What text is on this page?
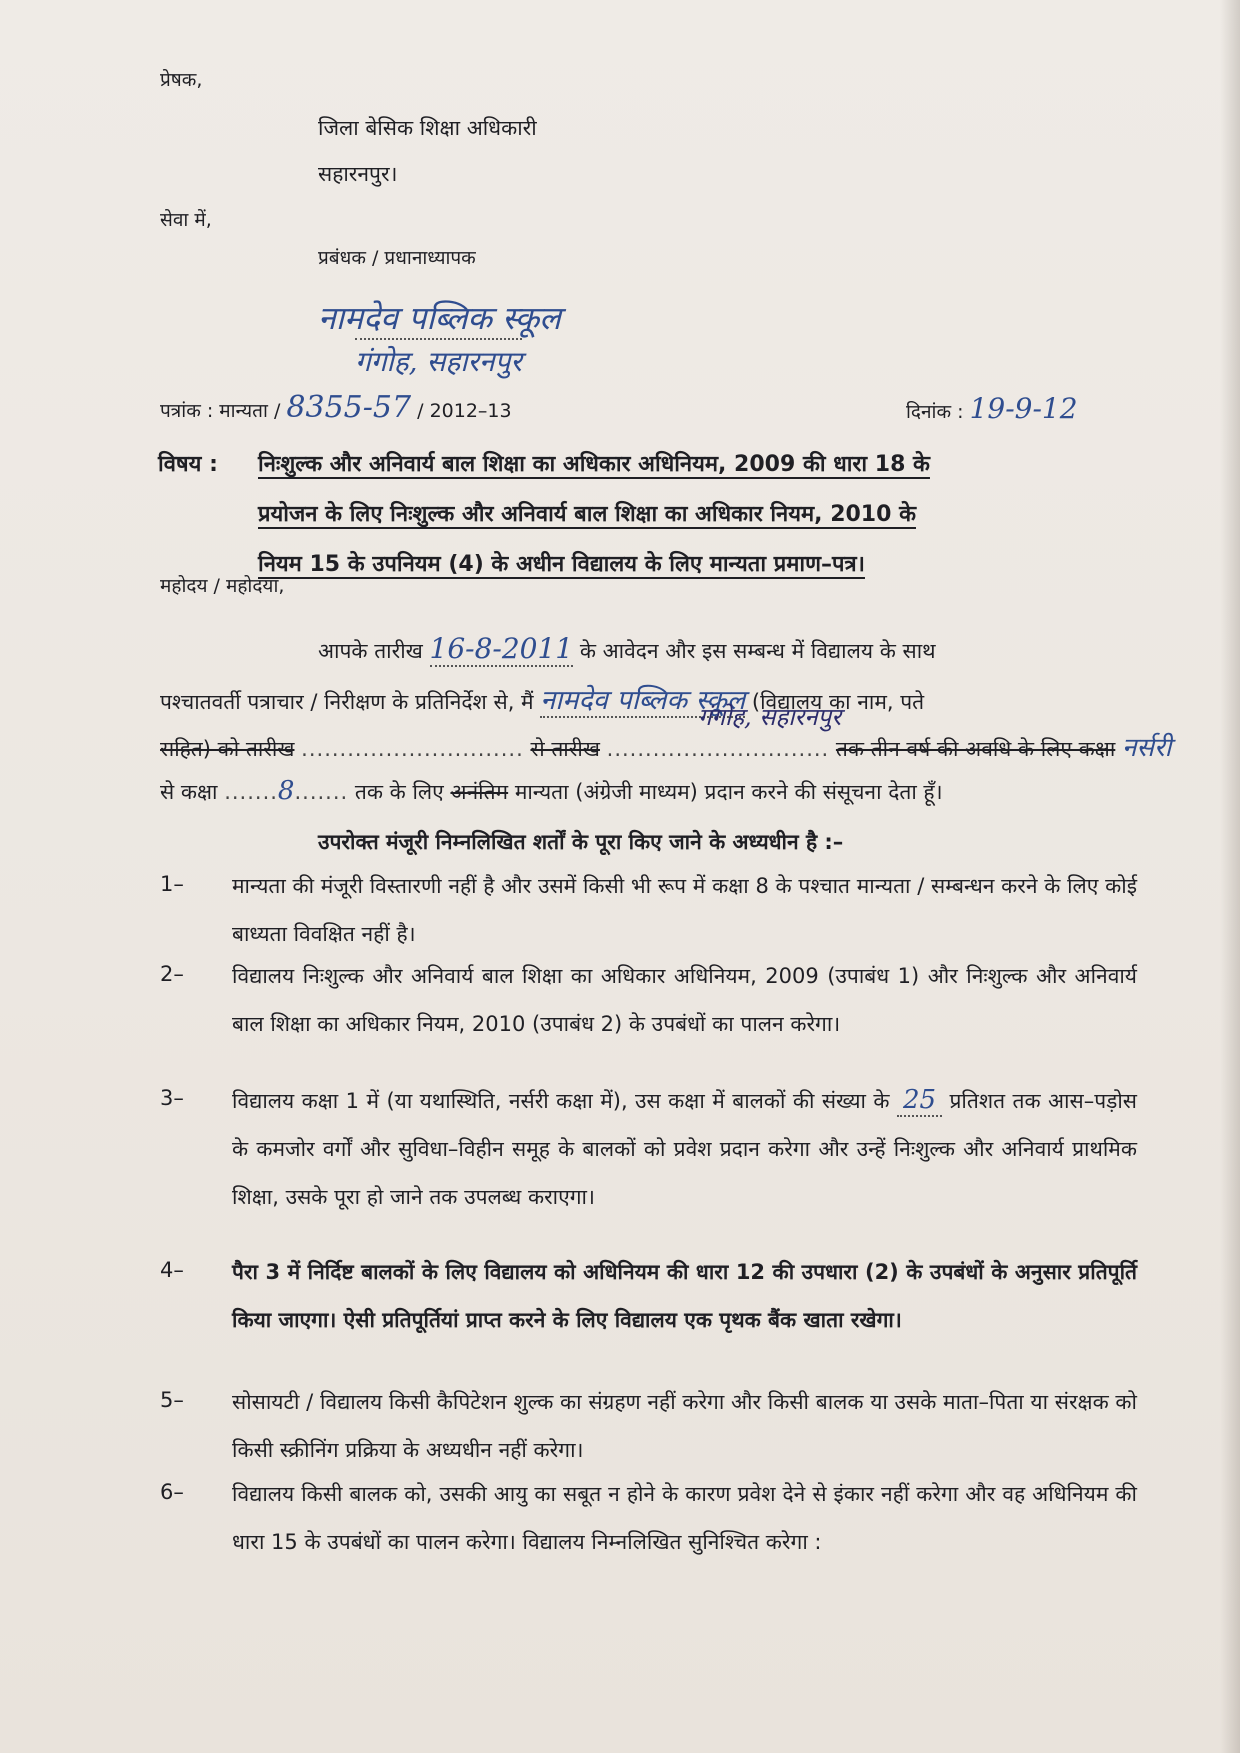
प्रेषक,
जिला बेसिक शिक्षा अधिकारी
सहारनपुर।
सेवा में,
प्रबंधक / प्रधानाध्यापक
नामदेव पब्लिक स्कूल
गंगोह, सहारनपुर
पत्रांक : मान्यता / 8355-57 / 2012–13	दिनांक : 19-9-12
विषय : निःशुल्क और अनिवार्य बाल शिक्षा का अधिकार अधिनियम, 2009 की धारा 18 के
प्रयोजन के लिए निःशुल्क और अनिवार्य बाल शिक्षा का अधिकार नियम, 2010 के
नियम 15 के उपनियम (4) के अधीन विद्यालय के लिए मान्यता प्रमाण–पत्र।
महोदय / महोदया,
आपके तारीख 16-8-2011 के आवेदन और इस सम्बन्ध में विद्यालय के साथ
पश्चातवर्ती पत्राचार / निरीक्षण के प्रतिनिर्देश से, मैं नामदेव पब्लिक स्कूल (विद्यालय का नाम, पते
गंगोह, सहारनपुर
सहित) को तारीख ............................. से तारीख ............................. तक तीन वर्ष की अवधि के लिए कक्षा नर्सरी
से कक्षा .......8....... तक के लिए अनंतिम मान्यता (अंग्रेजी माध्यम) प्रदान करने की संसूचना देता हूँ।
उपरोक्त मंजूरी निम्नलिखित शर्तों के पूरा किए जाने के अध्यधीन है :–
1– मान्यता की मंजूरी विस्तारणी नहीं है और उसमें किसी भी रूप में कक्षा 8 के पश्चात मान्यता / सम्बन्धन करने के लिए कोई बाध्यता विवक्षित नहीं है।
2– विद्यालय निःशुल्क और अनिवार्य बाल शिक्षा का अधिकार अधिनियम, 2009 (उपाबंध 1) और निःशुल्क और अनिवार्य बाल शिक्षा का अधिकार नियम, 2010 (उपाबंध 2) के उपबंधों का पालन करेगा।
3– विद्यालय कक्षा 1 में (या यथास्थिति, नर्सरी कक्षा में), उस कक्षा में बालकों की संख्या के 25 प्रतिशत तक आस–पड़ोस के कमजोर वर्गों और सुविधा–विहीन समूह के बालकों को प्रवेश प्रदान करेगा और उन्हें निःशुल्क और अनिवार्य प्राथमिक शिक्षा, उसके पूरा हो जाने तक उपलब्ध कराएगा।
4– पैरा 3 में निर्दिष्ट बालकों के लिए विद्यालय को अधिनियम की धारा 12 की उपधारा (2) के उपबंधों के अनुसार प्रतिपूर्ति किया जाएगा। ऐसी प्रतिपूर्तियां प्राप्त करने के लिए विद्यालय एक पृथक बैंक खाता रखेगा।
5– सोसायटी / विद्यालय किसी कैपिटेशन शुल्क का संग्रहण नहीं करेगा और किसी बालक या उसके माता–पिता या संरक्षक को किसी स्क्रीनिंग प्रक्रिया के अध्यधीन नहीं करेगा।
6– विद्यालय किसी बालक को, उसकी आयु का सबूत न होने के कारण प्रवेश देने से इंकार नहीं करेगा और वह अधिनियम की धारा 15 के उपबंधों का पालन करेगा। विद्यालय निम्नलिखित सुनिश्चित करेगा :
